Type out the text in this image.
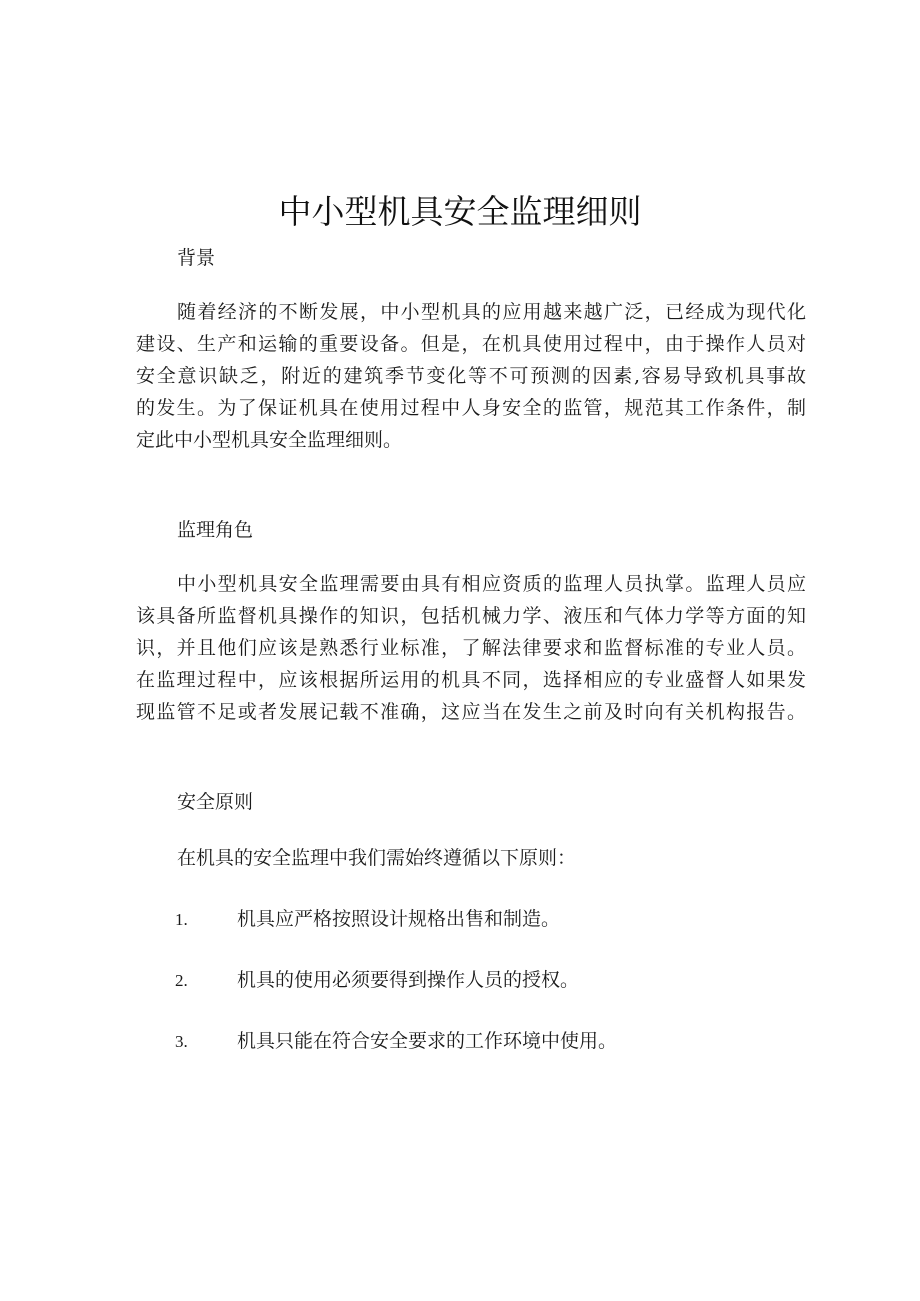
中小型机具安全监理细则

背景

随着经济的不断发展，中小型机具的应用越来越广泛，已经成为现代化
建设、生产和运输的重要设备。但是，在机具使用过程中，由于操作人员对
安全意识缺乏，附近的建筑季节变化等不可预测的因素,容易导致机具事故
的发生。为了保证机具在使用过程中人身安全的监管，规范其工作条件，制
定此中小型机具安全监理细则。

监理角色

中小型机具安全监理需要由具有相应资质的监理人员执掌。监理人员应
该具备所监督机具操作的知识，包括机械力学、液压和气体力学等方面的知
识，并且他们应该是熟悉行业标准，了解法律要求和监督标准的专业人员。
在监理过程中，应该根据所运用的机具不同，选择相应的专业盛督人如果发
现监管不足或者发展记载不准确，这应当在发生之前及时向有关机构报告。

安全原则

在机具的安全监理中我们需始终遵循以下原则：

1.	机具应严格按照设计规格出售和制造。

2.	机具的使用必须要得到操作人员的授权。

3.	机具只能在符合安全要求的工作环境中使用。
